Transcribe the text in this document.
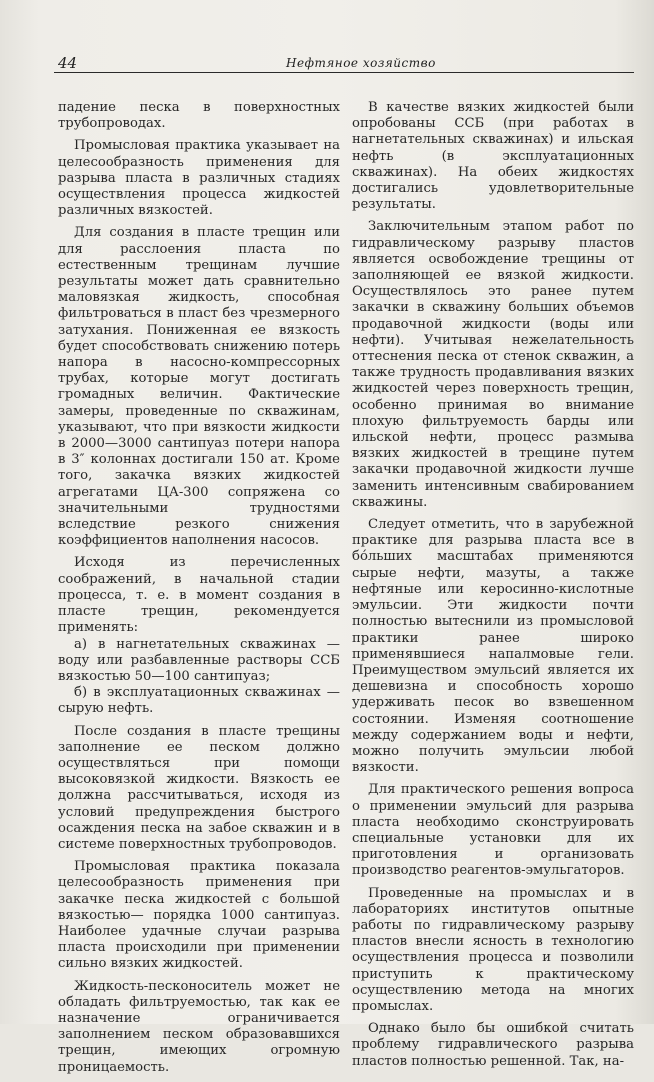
44	Нефтяное хозяйство

падение песка в поверхностных трубопроводах.

Промысловая практика указывает на целесообразность применения для разрыва пласта в различных стадиях осуществления процесса жидкостей различных вязкостей.

Для создания в пласте трещин или для расслоения пласта по естественным трещинам лучшие результаты может дать сравнительно маловязкая жидкость, способная фильтроваться в пласт без чрезмерного затухания. Пониженная ее вязкость будет способствовать снижению потерь напора в насосно-компрессорных трубах, которые могут достигать громадных величин. Фактические замеры, проведенные по скважинам, указывают, что при вязкости жидкости в 2000—3000 сантипуаз потери напора в 3″ колоннах достигали 150 ат. Кроме того, закачка вязких жидкостей агрегатами ЦА-300 сопряжена со значительными трудностями вследствие резкого снижения коэффициентов наполнения насосов.

Исходя из перечисленных соображений, в начальной стадии процесса, т. е. в момент создания в пласте трещин, рекомендуется применять:

а) в нагнетательных скважинах — воду или разбавленные растворы ССБ вязкостью 50—100 сантипуаз;

б) в эксплуатационных скважинах — сырую нефть.

После создания в пласте трещины заполнение ее песком должно осуществляться при помощи высоковязкой жидкости. Вязкость ее должна рассчитываться, исходя из условий предупреждения быстрого осаждения песка на забое скважин и в системе поверхностных трубопроводов.

Промысловая практика показала целесообразность применения при закачке песка жидкостей с большой вязкостью— порядка 1000 сантипуаз. Наиболее удачные случаи разрыва пласта происходили при применении сильно вязких жидкостей.

Жидкость-песконоситель может не обладать фильтруемостью, так как ее назначение ограничивается заполнением песком образовавшихся трещин, имеющих огромную проницаемость.

В качестве вязких жидкостей были опробованы ССБ (при работах в нагнетательных скважинах) и ильская нефть (в эксплуатационных скважинах). На обеих жидкостях достигались удовлетворительные результаты.

Заключительным этапом работ по гидравлическому разрыву пластов является освобождение трещины от заполняющей ее вязкой жидкости. Осуществлялось это ранее путем закачки в скважину больших объемов продавочной жидкости (воды или нефти). Учитывая нежелательность оттеснения песка от стенок скважин, а также трудность продавливания вязких жидкостей через поверхность трещин, особенно принимая во внимание плохую фильтруемость барды или ильской нефти, процесс размыва вязких жидкостей в трещине путем закачки продавочной жидкости лучше заменить интенсивным свабированием скважины.

Следует отметить, что в зарубежной практике для разрыва пласта все в бо́льших масштабах применяются сырые нефти, мазуты, а также нефтяные или керосинно-кислотные эмульсии. Эти жидкости почти полностью вытеснили из промысловой практики ранее широко применявшиеся напалмовые гели. Преимуществом эмульсий является их дешевизна и способность хорошо удерживать песок во взвешенном состоянии. Изменяя соотношение между содержанием воды и нефти, можно получить эмульсии любой вязкости.

Для практического решения вопроса о применении эмульсий для разрыва пласта необходимо сконструировать специальные установки для их приготовления и организовать производство реагентов-эмульгаторов.

Проведенные на промыслах и в лабораториях институтов опытные работы по гидравлическому разрыву пластов внесли ясность в технологию осуществления процесса и позволили приступить к практическому осуществлению метода на многих промыслах.

Однако было бы ошибкой считать проблему гидравлического разрыва пластов полностью решенной. Так, на-
